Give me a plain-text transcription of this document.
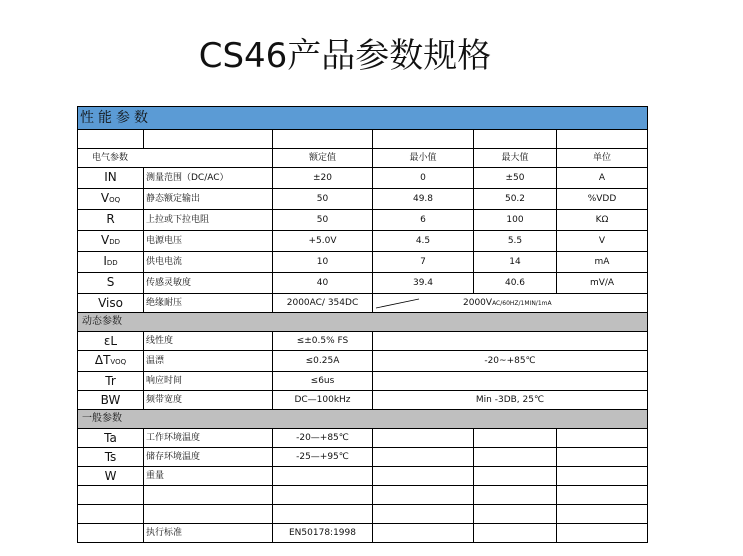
CS46产品参数规格
性能参数					

电气参数		额定值	最小值	最大值	单位
IN	测量范围（DC/AC）	±20	0	±50	A
VOQ	静态额定输出	50	49.8	50.2	%VDD
R	上拉或下拉电阻	50	6	100	KΩ
VDD	电源电压	+5.0V	4.5	5.5	V
IDD	供电电流	10	7	14	mA
S	传感灵敏度	40	39.4	40.6	mV/A
Viso	绝缘耐压	2000AC/ 354DC	2000VAC/60HZ/1MIN/1mA		

动态参数					
εL	线性度	≤±0.5% FS			
ΔTVOQ	温漂	≤0.25A	-20~+85℃		
Tr	响应时间	≤6us			
BW	频带宽度	DC—100kHz	Min -3DB, 25℃		
一般参数					
Ta	工作环境温度	-20—+85℃			
Ts	储存环境温度	-25—+95℃			
W	重量				

	执行标准	EN50178:1998			
